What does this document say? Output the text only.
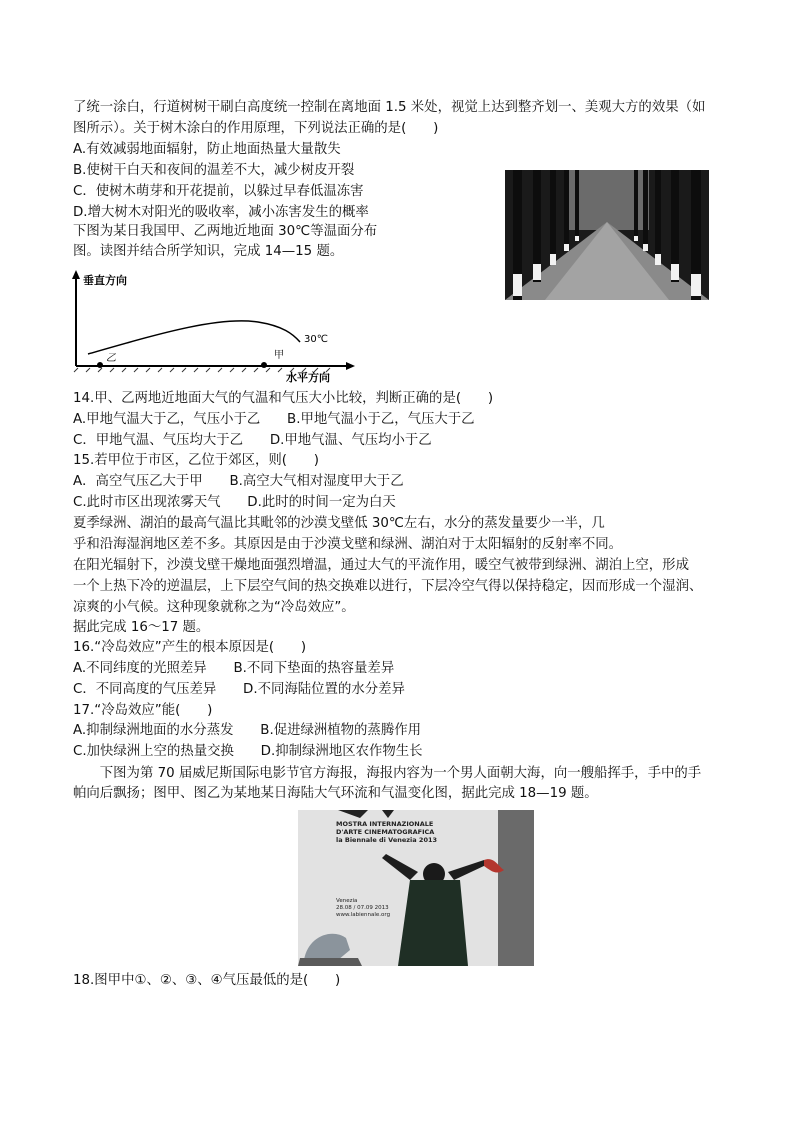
了统一涂白，行道树树干刷白高度统一控制在离地面 1.5 米处，视觉上达到整齐划一、美观大方的效果（如
图所示）。关于树木涂白的作用原理，下列说法正确的是(　　)
A.有效减弱地面辐射，防止地面热量大量散失
B.使树干白天和夜间的温差不大，减少树皮开裂
C．使树木萌芽和开花提前，以躲过早春低温冻害
D.增大树木对阳光的吸收率，减小冻害发生的概率
下图为某日我国甲、乙两地近地面 30℃等温面分布
图。读图并结合所学知识，完成 14—15 题。
垂直方向
水平方向
30℃
甲
乙
14.甲、乙两地近地面大气的气温和气压大小比较，判断正确的是(　　)
A.甲地气温大于乙，气压小于乙　　B.甲地气温小于乙，气压大于乙
C．甲地气温、气压均大于乙　　D.甲地气温、气压均小于乙
15.若甲位于市区，乙位于郊区，则(　　)
A．高空气压乙大于甲　　B.高空大气相对湿度甲大于乙
C.此时市区出现浓雾天气　　D.此时的时间一定为白天
夏季绿洲、湖泊的最高气温比其毗邻的沙漠戈壁低 30℃左右，水分的蒸发量要少一半，几
乎和沿海湿润地区差不多。其原因是由于沙漠戈壁和绿洲、湖泊对于太阳辐射的反射率不同。
在阳光辐射下，沙漠戈壁干燥地面强烈增温，通过大气的平流作用，暖空气被带到绿洲、湖泊上空，形成
一个上热下冷的逆温层，上下层空气间的热交换难以进行，下层冷空气得以保持稳定，因而形成一个湿润、
凉爽的小气候。这种现象就称之为“冷岛效应”。
据此完成 16～17 题。
16.“冷岛效应”产生的根本原因是(　　)
A.不同纬度的光照差异　　B.不同下垫面的热容量差异
C．不同高度的气压差异　　D.不同海陆位置的水分差异
17.“冷岛效应”能(　　)
A.抑制绿洲地面的水分蒸发　　B.促进绿洲植物的蒸腾作用
C.加快绿洲上空的热量交换　　D.抑制绿洲地区农作物生长
　　下图为第 70 届威尼斯国际电影节官方海报，海报内容为一个男人面朝大海，向一艘船挥手，手中的手
帕向后飘扬；图甲、图乙为某地某日海陆大气环流和气温变化图，据此完成 18—19 题。
MOSTRA INTERNAZIONALE
D'ARTE CINEMATOGRAFICA
la Biennale di Venezia 2013
Venezia
28.08 / 07.09 2013
www.labiennale.org
18.图甲中①、②、③、④气压最低的是(　　)
